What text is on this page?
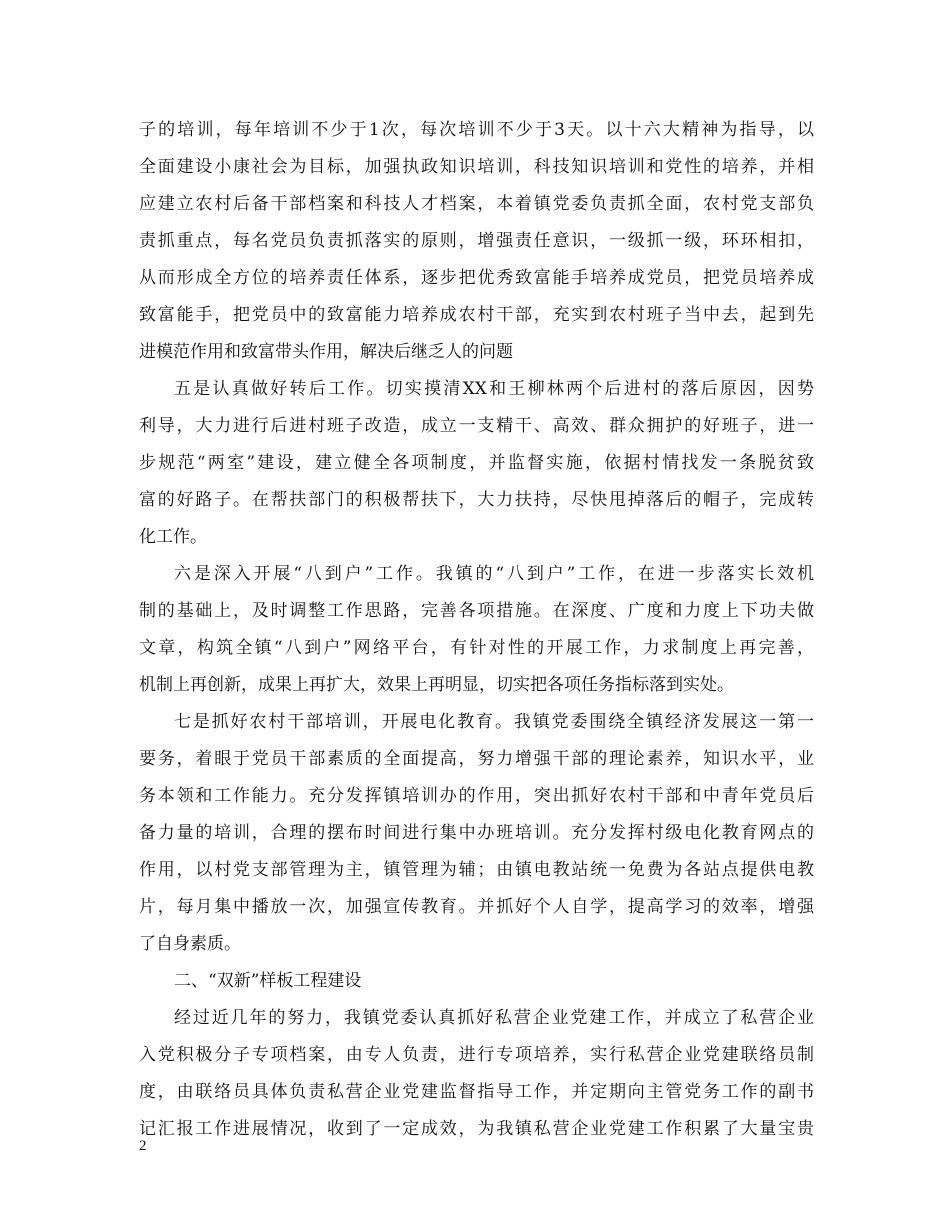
子的培训，每年培训不少于1次，每次培训不少于3天。以十六大精神为指导，以
全面建设小康社会为目标，加强执政知识培训，科技知识培训和党性的培养，并相
应建立农村后备干部档案和科技人才档案，本着镇党委负责抓全面，农村党支部负
责抓重点，每名党员负责抓落实的原则，增强责任意识，一级抓一级，环环相扣，
从而形成全方位的培养责任体系，逐步把优秀致富能手培养成党员，把党员培养成
致富能手，把党员中的致富能力培养成农村干部，充实到农村班子当中去，起到先
进模范作用和致富带头作用，解决后继乏人的问题
五是认真做好转后工作。切实摸清XX和王柳林两个后进村的落后原因，因势
利导，大力进行后进村班子改造，成立一支精干、高效、群众拥护的好班子，进一
步规范“两室”建设，建立健全各项制度，并监督实施，依据村情找发一条脱贫致
富的好路子。在帮扶部门的积极帮扶下，大力扶持，尽快甩掉落后的帽子，完成转
化工作。
六是深入开展“八到户”工作。我镇的“八到户”工作，在进一步落实长效机
制的基础上，及时调整工作思路，完善各项措施。在深度、广度和力度上下功夫做
文章，构筑全镇“八到户”网络平台，有针对性的开展工作，力求制度上再完善，
机制上再创新，成果上再扩大，效果上再明显，切实把各项任务指标落到实处。
七是抓好农村干部培训，开展电化教育。我镇党委围绕全镇经济发展这一第一
要务，着眼于党员干部素质的全面提高，努力增强干部的理论素养，知识水平，业
务本领和工作能力。充分发挥镇培训办的作用，突出抓好农村干部和中青年党员后
备力量的培训，合理的摆布时间进行集中办班培训。充分发挥村级电化教育网点的
作用，以村党支部管理为主，镇管理为辅；由镇电教站统一免费为各站点提供电教
片，每月集中播放一次，加强宣传教育。并抓好个人自学，提高学习的效率，增强
了自身素质。
二、“双新”样板工程建设
经过近几年的努力，我镇党委认真抓好私营企业党建工作，并成立了私营企业
入党积极分子专项档案，由专人负责，进行专项培养，实行私营企业党建联络员制
度，由联络员具体负责私营企业党建监督指导工作，并定期向主管党务工作的副书
记汇报工作进展情况，收到了一定成效，为我镇私营企业党建工作积累了大量宝贵
2
